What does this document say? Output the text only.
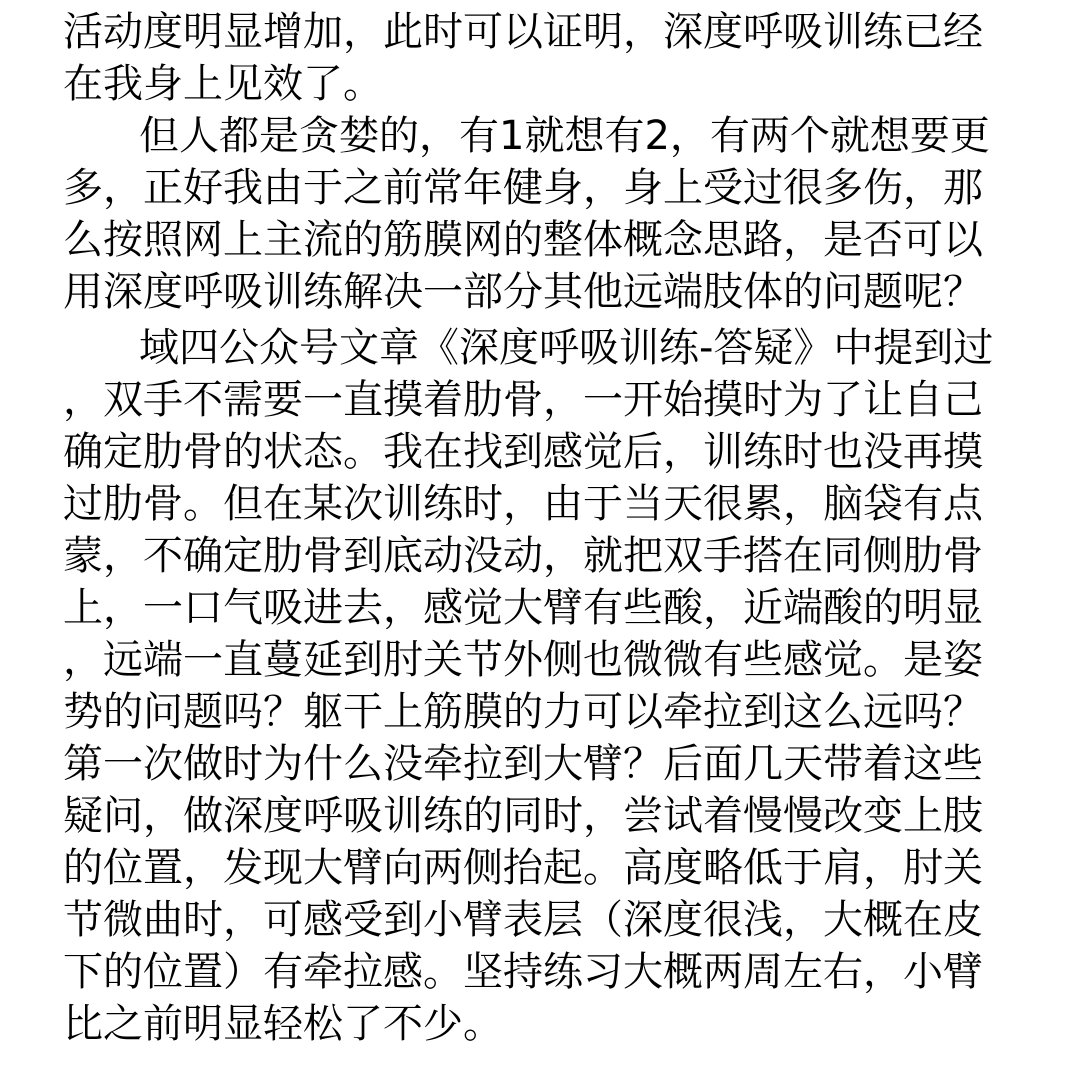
活动度明显增加，此时可以证明，深度呼吸训练已经
在我身上见效了。
但人都是贪婪的，有1就想有2，有两个就想要更
多，正好我由于之前常年健身，身上受过很多伤，那
么按照网上主流的筋膜网的整体概念思路，是否可以
用深度呼吸训练解决一部分其他远端肢体的问题呢？
域四公众号文章《深度呼吸训练-答疑》中提到过
，双手不需要一直摸着肋骨，一开始摸时为了让自己
确定肋骨的状态。我在找到感觉后，训练时也没再摸
过肋骨。但在某次训练时，由于当天很累，脑袋有点
蒙，不确定肋骨到底动没动，就把双手搭在同侧肋骨
上，一口气吸进去，感觉大臂有些酸，近端酸的明显
，远端一直蔓延到肘关节外侧也微微有些感觉。是姿
势的问题吗？躯干上筋膜的力可以牵拉到这么远吗？
第一次做时为什么没牵拉到大臂？后面几天带着这些
疑问，做深度呼吸训练的同时，尝试着慢慢改变上肢
的位置，发现大臂向两侧抬起。高度略低于肩，肘关
节微曲时，可感受到小臂表层（深度很浅，大概在皮
下的位置）有牵拉感。坚持练习大概两周左右，小臂
比之前明显轻松了不少。
